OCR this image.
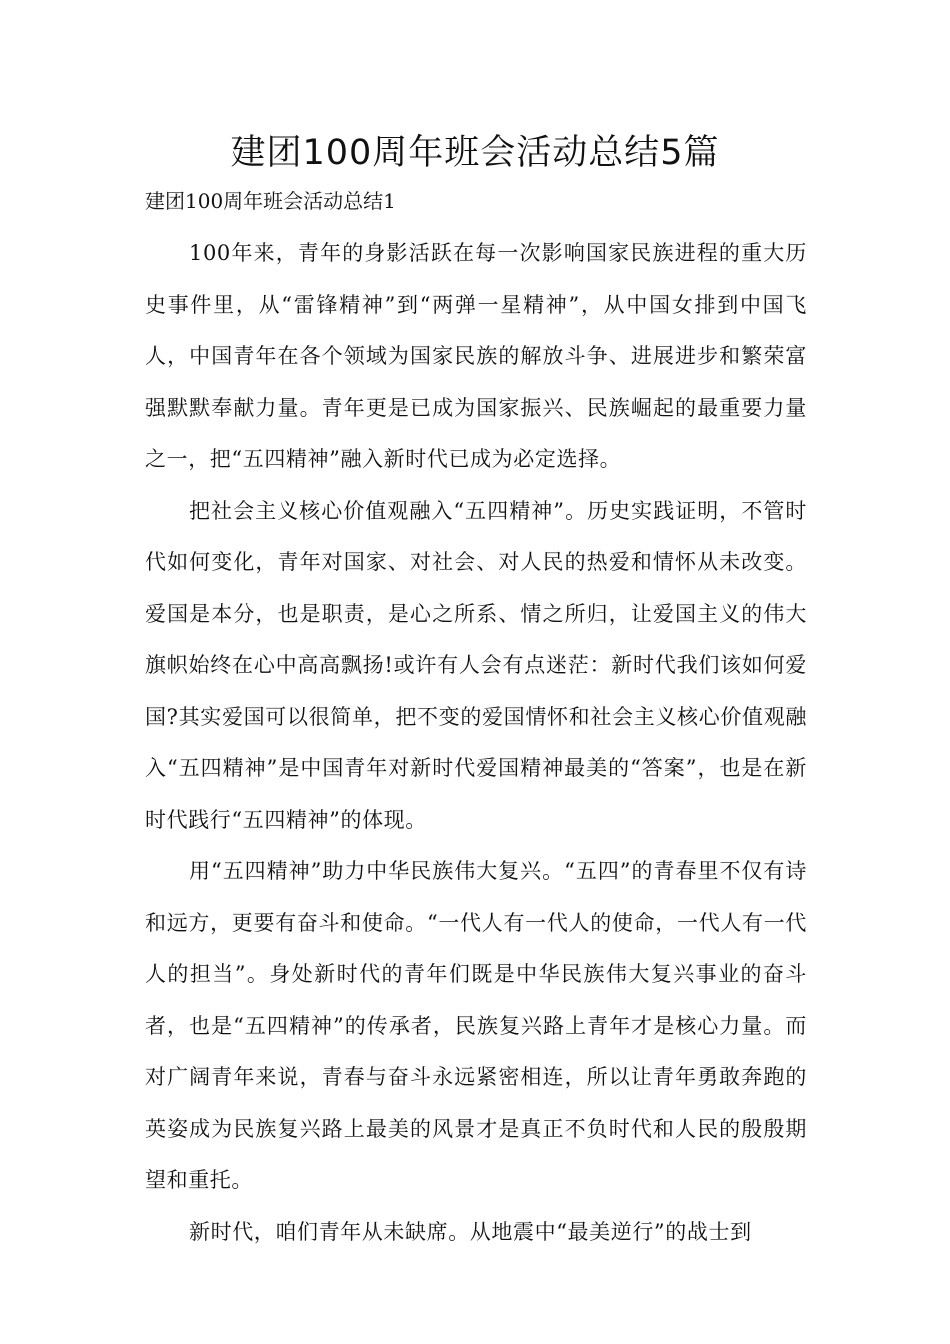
建团100周年班会活动总结5篇

建团100周年班会活动总结1

100年来，青年的身影活跃在每一次影响国家民族进程的重大历史事件里，从“雷锋精神”到“两弹一星精神”，从中国女排到中国飞人，中国青年在各个领域为国家民族的解放斗争、进展进步和繁荣富强默默奉献力量。青年更是已成为国家振兴、民族崛起的最重要力量之一，把“五四精神”融入新时代已成为必定选择。

把社会主义核心价值观融入“五四精神”。历史实践证明，不管时代如何变化，青年对国家、对社会、对人民的热爱和情怀从未改变。爱国是本分，也是职责，是心之所系、情之所归，让爱国主义的伟大旗帜始终在心中高高飘扬!或许有人会有点迷茫：新时代我们该如何爱国?其实爱国可以很简单，把不变的爱国情怀和社会主义核心价值观融入“五四精神”是中国青年对新时代爱国精神最美的“答案”，也是在新时代践行“五四精神”的体现。

用“五四精神”助力中华民族伟大复兴。“五四”的青春里不仅有诗和远方，更要有奋斗和使命。“一代人有一代人的使命，一代人有一代人的担当”。身处新时代的青年们既是中华民族伟大复兴事业的奋斗者，也是“五四精神”的传承者，民族复兴路上青年才是核心力量。而对广阔青年来说，青春与奋斗永远紧密相连，所以让青年勇敢奔跑的英姿成为民族复兴路上最美的风景才是真正不负时代和人民的殷殷期望和重托。

新时代，咱们青年从未缺席。从地震中“最美逆行”的战士到
